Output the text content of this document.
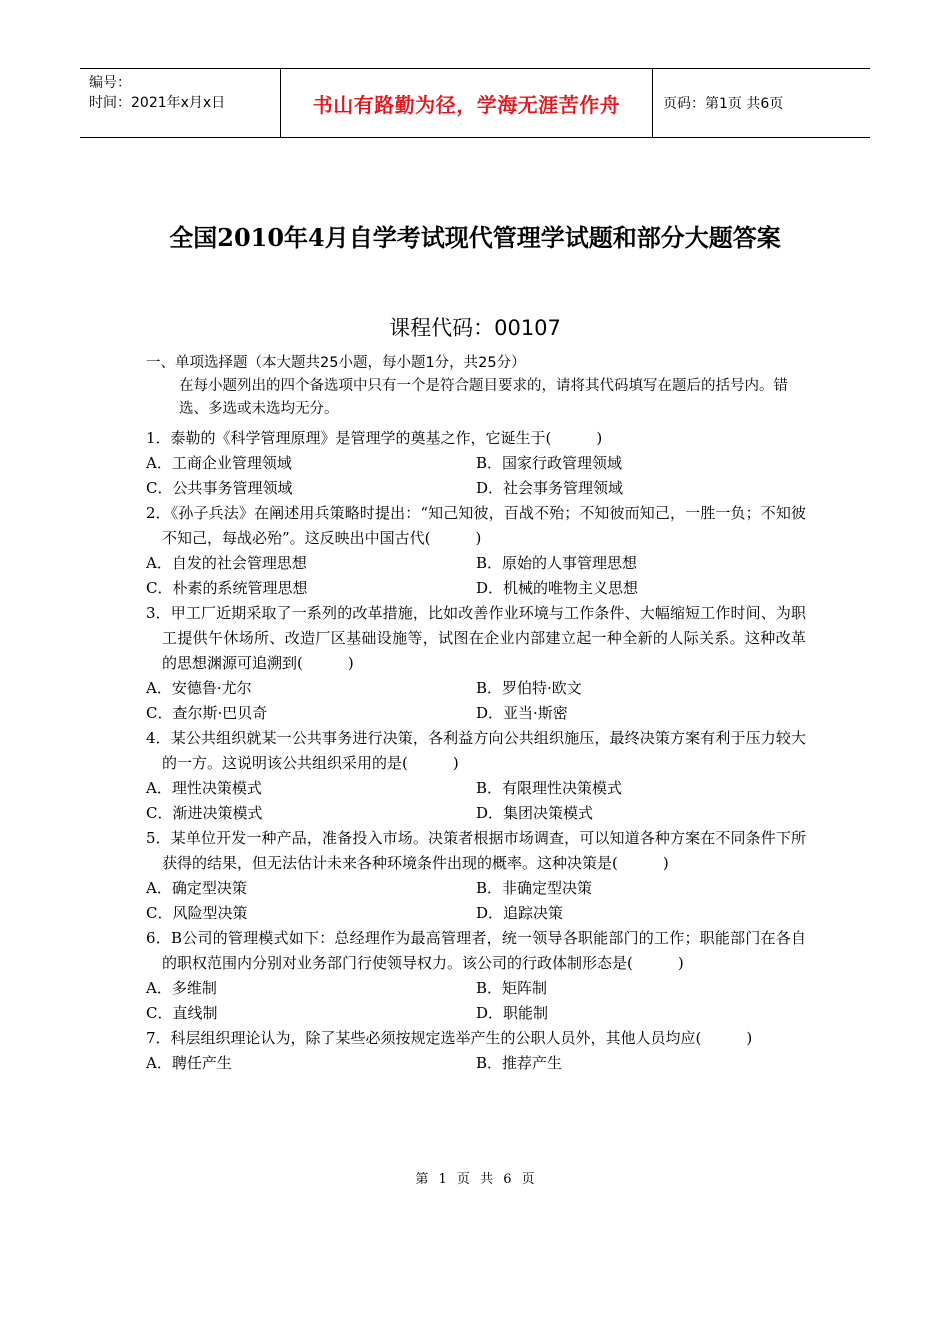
编号：
时间：2021年x月x日	书山有路勤为径，学海无涯苦作舟	页码：第1页 共6页
全国2010年4月自学考试现代管理学试题和部分大题答案
课程代码：00107
一、单项选择题（本大题共25小题，每小题1分，共25分）
在每小题列出的四个备选项中只有一个是符合题目要求的，请将其代码填写在题后的括号内。错选、多选或未选均无分。
1．泰勒的《科学管理原理》是管理学的奠基之作，它诞生于(　　　)
A．工商企业管理领域	B．国家行政管理领域
C．公共事务管理领域	D．社会事务管理领域
2．《孙子兵法》在阐述用兵策略时提出：“知己知彼，百战不殆；不知彼而知己，一胜一负；不知彼不知己，每战必殆”。这反映出中国古代(　　　)
A．自发的社会管理思想	B．原始的人事管理思想
C．朴素的系统管理思想	D．机械的唯物主义思想
3．甲工厂近期采取了一系列的改革措施，比如改善作业环境与工作条件、大幅缩短工作时间、为职工提供午休场所、改造厂区基础设施等，试图在企业内部建立起一种全新的人际关系。这种改革的思想渊源可追溯到(　　　)
A．安德鲁·尤尔	B．罗伯特·欧文
C．查尔斯·巴贝奇	D．亚当·斯密
4．某公共组织就某一公共事务进行决策，各利益方向公共组织施压，最终决策方案有利于压力较大的一方。这说明该公共组织采用的是(　　　)
A．理性决策模式	B．有限理性决策模式
C．渐进决策模式	D．集团决策模式
5．某单位开发一种产品，准备投入市场。决策者根据市场调查，可以知道各种方案在不同条件下所获得的结果，但无法估计未来各种环境条件出现的概率。这种决策是(　　　)
A．确定型决策	B．非确定型决策
C．风险型决策	D．追踪决策
6．B公司的管理模式如下：总经理作为最高管理者，统一领导各职能部门的工作；职能部门在各自的职权范围内分别对业务部门行使领导权力。该公司的行政体制形态是(　　　)
A．多维制	B．矩阵制
C．直线制	D．职能制
7．科层组织理论认为，除了某些必须按规定选举产生的公职人员外，其他人员均应(　　　)
A．聘任产生	B．推荐产生
第 1 页 共 6 页
